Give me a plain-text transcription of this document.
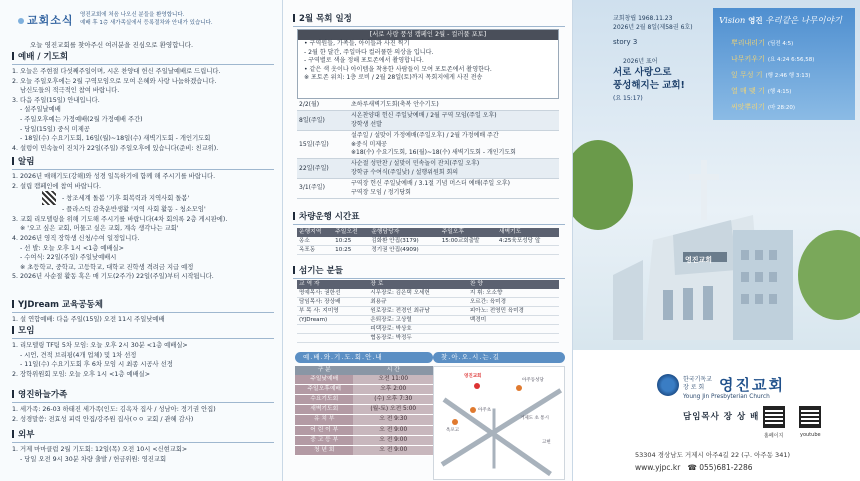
교회소식 영진교회에 처음 나오신 분들을 환영합니다.
예배 후 1층 새가족실에서 등록절차와 안내가 있습니다.
오늘 영진교회를 찾아주신 여러분을 진심으로 환영합니다.
예배 / 기도회

1. 오늘은 주현절 다섯째주일이며, 시온 찬양대 헌신 주일날예배로 드립니다.

2. 오늘 주일오후에는 2월 구역모임으로 모여 은혜와 사랑 나눔하겠습니다.

남신도들의 적극적인 참여 바랍니다.

3. 다음 주일(15일) 안내입니다.

- 설주일날예배

- 주일오후예는 가정예배(2월 가정예배 주간)

- 당일(15일) 중식 미제공

- 18일(수) 수요기도회, 16일(월)~18일(수) 새벽기도회 - 개인기도회

4. 설렁이 민속놀이 진치가 22일(주일) 주일오후에 있습니다(준비: 친교위).

알림

1. 2026년 매해기도(강해)와 성경 일독하기에 함께 해 주시기를 바랍니다.

2. 설립 캠페인에 참여 바랍니다.

- 창조세계 돌봄 '기후 회복력과 지역사회 돌봄'

- 플라스틱 감축운반생활 '지역 사회 활동 - 청소모임'

3. 교회 리모델링을 위해 기도해 주시기를 바랍니다(4차 회의록 2층 게시판에).

※ '오고 싶은 교회, 머물고 싶은 교회, 계속 생각나는 교회'

4. 2026년 영직 장학생 신청/수여 일정입니다.

- 선 발: 오늘 오후 1시 <1층 예배실>

- 수여식: 22일(주일) 주일낮예배시

※ 초등학교, 중학교, 고등학교, 대학교 진학생 격려금 지급 예정

5. 2026년 사순절 활동 혹은 매 기도(2주가) 22일(주일)부터 시작됩니다.

YJDream 교육공동체

1. 설 연합예배: 다음 주일(15일) 오전 11시 주일낮예배

모임

1. 리모델링 TF팀 5차 모임: 오늘 오후 2시 30분 <1층 예배실>

- 시언, 견적 브리핑(4개 업체) 및 1차 선정

- 11일(수) 수요기도회 후 6차 모임 시 최종 시공사 선정

2. 장학위원회 모임: 오늘 오후 1시 <1층 예배실>

영진하늘가족

1. 세가족: 26-03 하태진 세가족(인도: 김옥자 집사 / 성남아: 정기권 안집)

2. 성경말씀: 전효성 피력 안집/강주원 집사(ㅇㅇ 교회 / 관혜 감사)

외부

1. 거제 마마클럽 2월 기도회: 12일(목) 오전 10시 <신현교회>

- 당일 오전 9시 30분 차량 출발 / 헌금위원: 영진교회

2월 목회 일정
[서로 사랑 풍성 캠페인 2월 - 컬러풀 포토]

• 구역원들, 가족들, 아이들과 사진 찍기

- 2월 한 달간, 주일마다 컬러풀한 의상을 입니다.

- 구역별로 색을 정해 포토존에서 촬영합니다.

• 같은 색 옷이나 아이템을 착용한 사람들이 모여 포토존에서 촬영한다.

※ 포토존 위치: 1층 로비 / 2월 28일(토)까지 목회지에게 사진 전송

2/2(월)	초하루새벽기도회(축복 안수기도)

8일(주일)	시온찬양대 헌신 주일낮예배 / 2월 구역 모임(주일 오후)
장학생 선발

15일(주일)	설주일 / 설맞이 가정예배(주일오후) / 2월 가정예배 주간
※중식 미제공
※18(수) 수요기도회, 16(월)~18(수) 새벽기도회 - 개인기도회

22일(주일)	사순절 성만찬 / 설맞이 민속놀이 잔치(주일 오후)
장학금 수여식(주일낮) / 설행위원회 회의

3/1(주일)	구역장 헌신 주일낮예배 / 3.1절 기념 머스더 예배(주일 오후)
구역장 모임 / 정기당회
차량운행 시간표
운행지역	주일오전	운행담당자	주일오후	새벽기도
옹소	10:25	김화환 안집(3179)	15:00교회출발	4:25육포성당 앞
옥포동	10:25	정기권 안집(4909)		
섬기는 분들
교 역 자	장 로	찬 양
명예목사: 권한선	시무장로: 김은택 오세헌	지 휘: 오소향
담임목사: 장상배	최용규	오르간: 육미경
부 목 사: 지미영	원로장로: 전경인 최규남	피아노: 전영민 육미경
(YJDream)	은퇴장로: 고상렬	백경미
	피택장로: 박상호	
	협동장로: 박정두	
예.배.와.기.도.회.안.내
구 분	시 간
주일낮예배	오전 11:00
주일오후예배	오후 2:00
수요기도회	(수) 오후 7:30
새벽기도회	(월-토) 오전 5:00
유 치 부	오 전 9:30
어 린 이 부	오 전 9:00
중 고 등 부	오 전 9:00
청 년 회	오 전 9:00
찾.아.오.시.는.길
영진교회
아주동성당
거제도 초 통시
옥포고
아주초
고현
영진교회
교회창립 1968.11.23
2026년 2월 8일(제58권 6호)
story 3
2026년 표어
서로 사랑으로
풍성해지는 교회!
(요 15:17)
Vision 영진 우리같은 나무이야기
뿌리내리기 (딤전 4:5)
나무키우기 (요 4:24 6:56,58)
잎 무성 기 (행 2:46 행 3:13)
열 매 맺 기 (행 4:15)
씨앗뿌리기 (마 28:20)
한국기독교
장 로 회 영진교회
Young Jin Presbyterian Church
담임목사 장 상 배
홈페이지	youtube
53304 경상남도 거제시 아주4길 22 (구. 아주동 341)
www.yjpc.kr ☎ 055)681-2286
